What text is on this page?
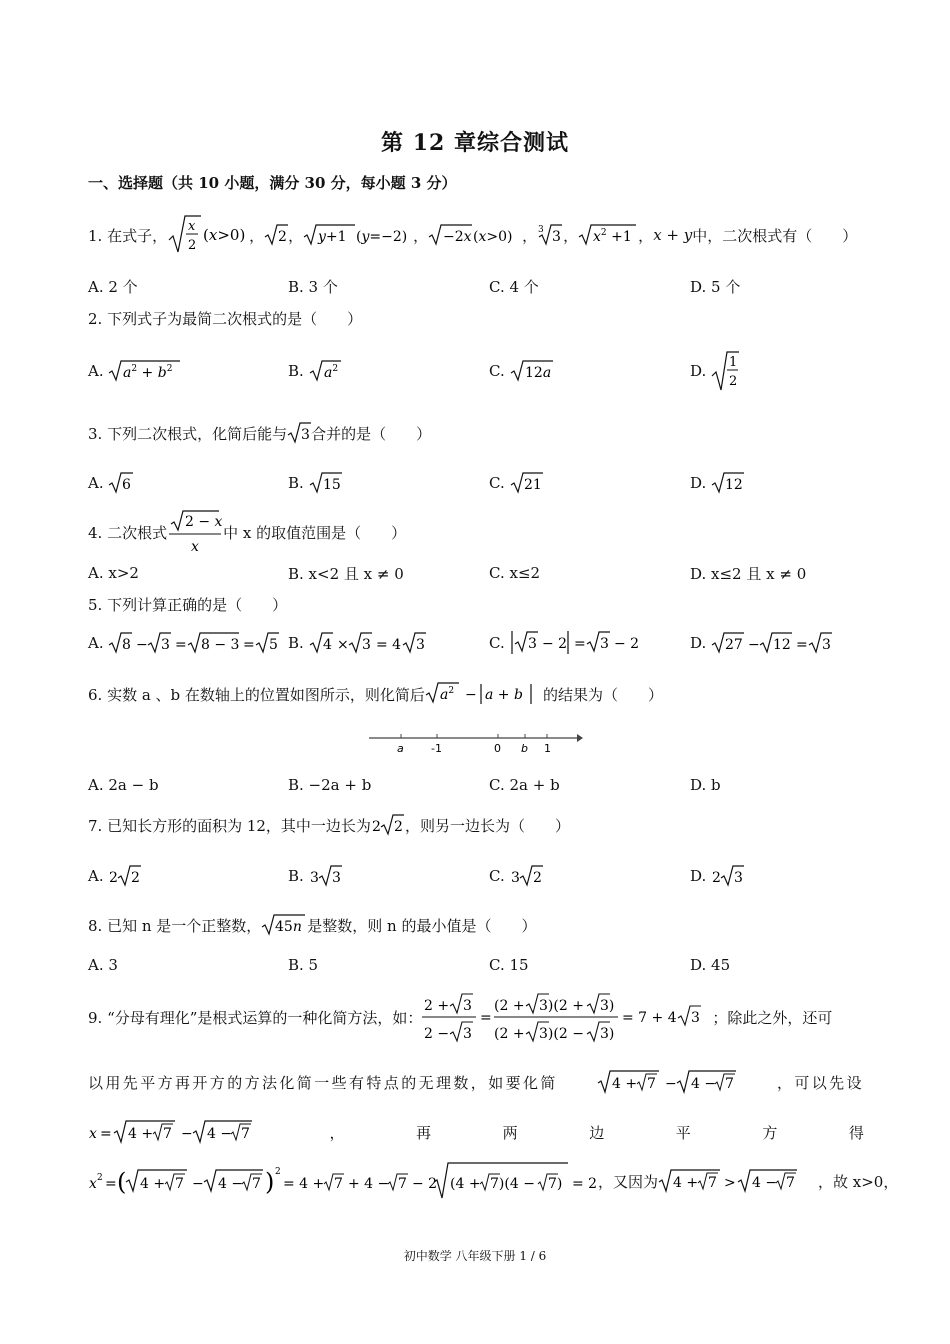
第 12 章综合测试
一、选择题（共 10 小题，满分 30 分，每小题 3 分）
1. 在式子， x
2
(x>0) ， 2 ， y+1 (y=−2) ， −2x (x>0) ， 3 3 ， $x^2 +1$ ， x + y 中，二次根式有（　　）
A. 2 个	B. 3 个	C. 4 个	D. 5 个
2. 下列式子为最简二次根式的是（　　）
A.
$a^2 + b^2$	B.
$a^2$	C.
12a	D.
1
2
3. 下列二次根式，化简后能与 3 合并的是（　　）
A.
6	B.
15	C.
21	D.
12
4. 二次根式
2 − x
x
中 x 的取值范围是（　　）
A. x>2	B. x<2 且 x ≠ 0	C. x≤2	D. x≤2 且 x ≠ 0
5. 下列计算正确的是（　　）
A.
8 − 3 = 8 − 3 = 5 B.
4 × 3 = 4 3	C.
3 − 2 = 3 − 2	D.
27 − 12 = 3
6. 实数 a 、b 在数轴上的位置如图所示，则化简后 $a^2 - a + b$ 的结果为（　　）
a -1	0 b 1
A. 2a − b	B. −2a + b	C. 2a + b	D. b
7. 已知长方形的面积为 12，其中一边长为 2 2 ，则另一边长为（　　）
A.
2 2	B.
3 3	C.
3 2	D.
2 3
8. 已知 n 是一个正整数， 45n 是整数，则 n 的最小值是（　　）
A. 3	B. 5	C. 15	D. 45
9. “分母有理化”是根式运算的一种化简方法，如：
2 + 3
2 − 3
=
(2 + 3)(2 + 3)
(2 + 3)(2 − 3)
= 7 + 4 3 ；除此之外，还可
以用先平方再开方的方法化简一些有特点的无理数，如要化简	4 + 7 − 4 − 7	，可以先设
x = 4 + 7 − 4 − 7	，	再	两	边	平	方	得
x 2 = ( 4 + 7 − 4 − 7 ) 2
= 4 + 7 + 4 − 7 − 2 (4 + 7)(4 − 7) = 2 ，又因为 4 + 7 > 4 − 7 ，故 x>0，
初中数学 八年级下册 1 / 6
